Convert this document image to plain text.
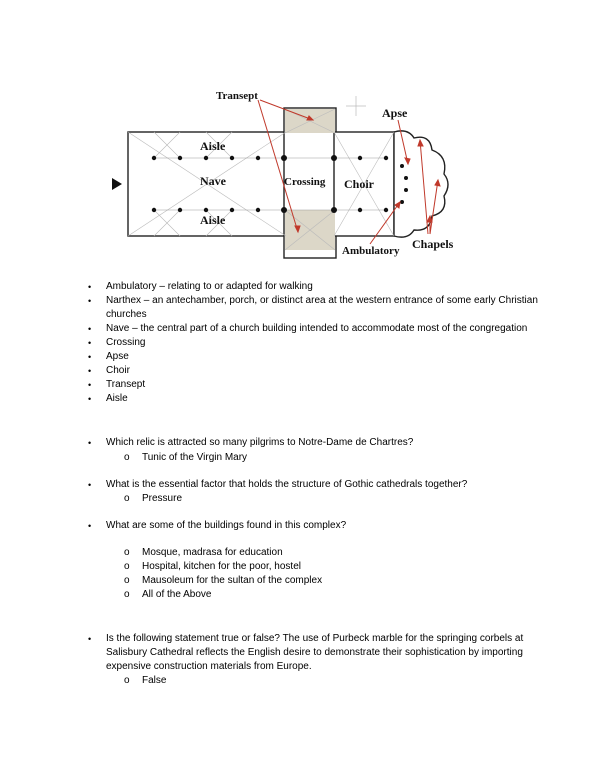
Transept
Apse
Aisle
Nave	Crossing Choir
Aisle
Ambulatory Chapels
• Ambulatory – relating to or adapted for walking
• Narthex – an antechamber, porch, or distinct area at the western entrance of some early Christian churches
• Nave – the central part of a church building intended to accommodate most of the congregation
• Crossing
• Apse
• Choir
• Transept
• Aisle
• Which relic is attracted so many pilgrims to Notre-Dame de Chartres?
o Tunic of the Virgin Mary
• What is the essential factor that holds the structure of Gothic cathedrals together?
o Pressure
• What are some of the buildings found in this complex?
o Mosque, madrasa for education
o Hospital, kitchen for the poor, hostel
o Mausoleum for the sultan of the complex
o All of the Above
• Is the following statement true or false? The use of Purbeck marble for the springing corbels at Salisbury Cathedral reflects the English desire to demonstrate their sophistication by importing expensive construction materials from Europe.
o False
